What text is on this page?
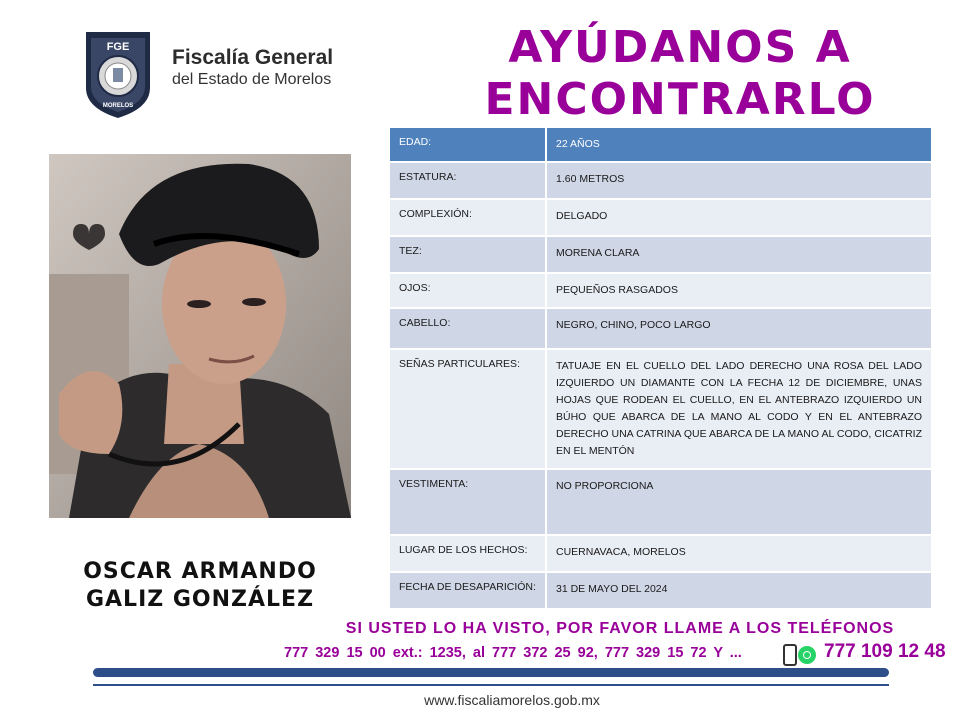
FGE
MORELOS
Fiscalía General
del Estado de Morelos
AYÚDANOS A
ENCONTRARLO
OSCAR ARMANDO
GALIZ GONZÁLEZ
EDAD:	22 AÑOS
ESTATURA:	1.60 METROS
COMPLEXIÓN:	DELGADO
TEZ:	MORENA CLARA
OJOS:	PEQUEÑOS RASGADOS
CABELLO:	NEGRO, CHINO, POCO LARGO
SEÑAS PARTICULARES:	TATUAJE EN EL CUELLO DEL LADO DERECHO UNA ROSA DEL LADO IZQUIERDO UN DIAMANTE CON LA FECHA 12 DE DICIEMBRE, UNAS HOJAS QUE RODEAN EL CUELLO, EN EL ANTEBRAZO IZQUIERDO UN BÚHO QUE ABARCA DE LA MANO AL CODO Y EN EL ANTEBRAZO DERECHO UNA CATRINA QUE ABARCA DE LA MANO AL CODO, CICATRIZ EN EL MENTÓN
VESTIMENTA:	NO PROPORCIONA
LUGAR DE LOS HECHOS:	CUERNAVACA, MORELOS
FECHA DE DESAPARICIÓN:	31 DE MAYO DEL 2024
SI USTED LO HA VISTO, POR FAVOR LLAME A LOS TELÉFONOS
777 329 15 00 ext.: 1235, al 777 372 25 92, 777 329 15 72 Y ...	777 109 12 48
www.fiscaliamorelos.gob.mx
